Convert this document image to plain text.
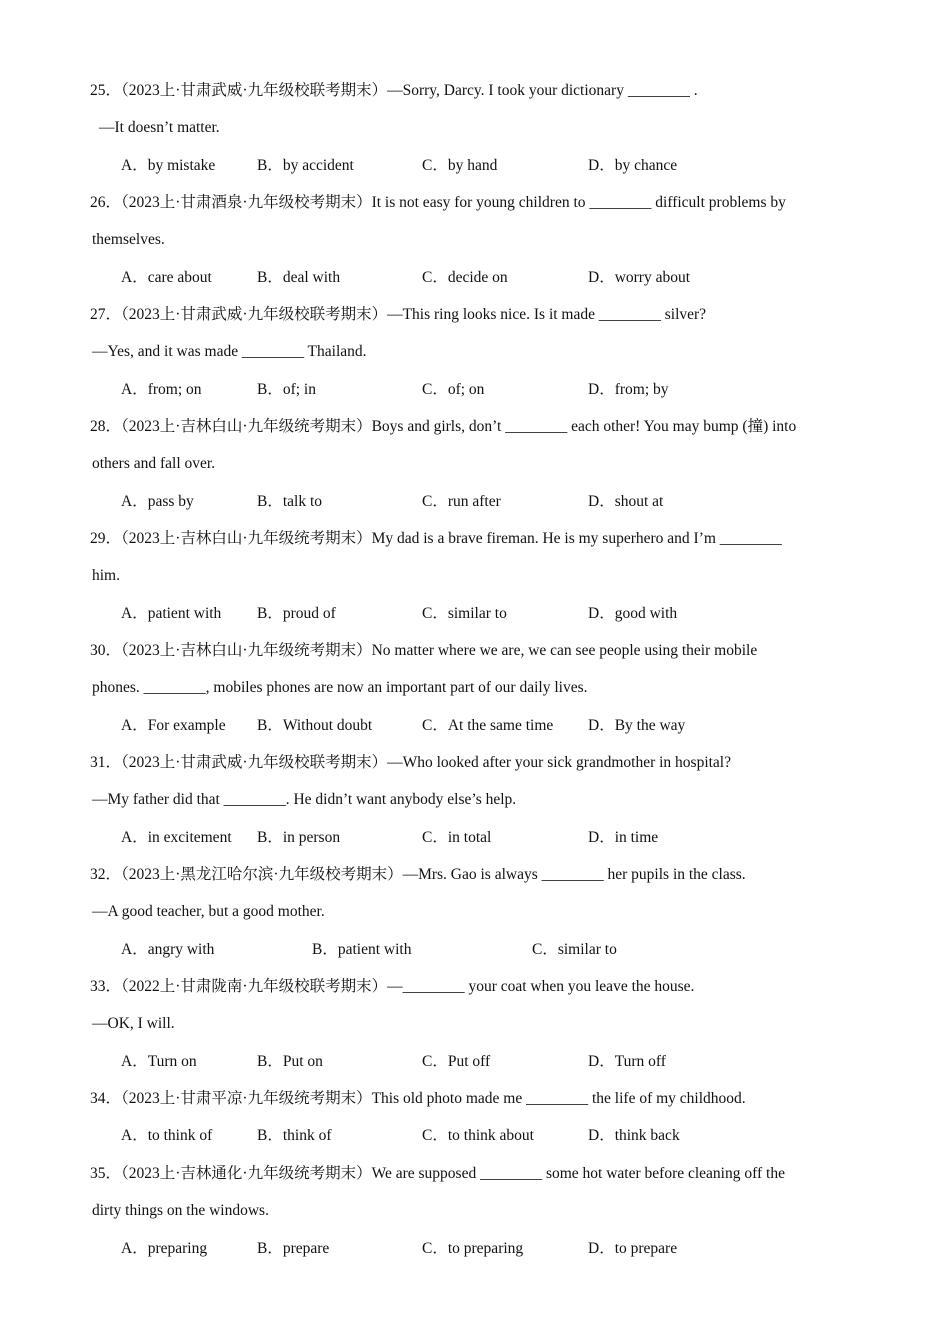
25．（2023上·甘肃武威·九年级校联考期末）—Sorry, Darcy. I took your dictionary ________ .
—It doesn’t matter.
A．by mistake	B．by accident	C．by hand	D．by chance
26．（2023上·甘肃酒泉·九年级校考期末）It is not easy for young children to ________ difficult problems by
themselves.
A．care about	B．deal with	C．decide on	D．worry about
27．（2023上·甘肃武威·九年级校联考期末）—This ring looks nice. Is it made ________ silver?
—Yes, and it was made ________ Thailand.
A．from; on	B．of; in	C．of; on	D．from; by
28．（2023上·吉林白山·九年级统考期末）Boys and girls, don’t ________ each other! You may bump (撞) into
others and fall over.
A．pass by	B．talk to	C．run after	D．shout at
29．（2023上·吉林白山·九年级统考期末）My dad is a brave fireman. He is my superhero and I’m ________
him.
A．patient with B．proud of	C．similar to	D．good with
30．（2023上·吉林白山·九年级统考期末）No matter where we are, we can see people using their mobile
phones. ________, mobiles phones are now an important part of our daily lives.
A．For example B．Without doubt	C．At the same time D．By the way
31．（2023上·甘肃武威·九年级校联考期末）—Who looked after your sick grandmother in hospital?
—My father did that ________. He didn’t want anybody else’s help.
A．in excitement B．in person	C．in total	D．in time
32．（2023上·黑龙江哈尔滨·九年级校考期末）—Mrs. Gao is always ________ her pupils in the class.
—A good teacher, but a good mother.
A．angry with	B．patient with	C．similar to
33．（2022上·甘肃陇南·九年级校联考期末）—________ your coat when you leave the house.
—OK, I will.
A．Turn on	B．Put on	C．Put off	D．Turn off
34．（2023上·甘肃平凉·九年级统考期末）This old photo made me ________ the life of my childhood.
A．to think of	B．think of	C．to think about	D．think back
35．（2023上·吉林通化·九年级统考期末）We are supposed ________ some hot water before cleaning off the
dirty things on the windows.
A．preparing	B．prepare	C．to preparing	D．to prepare
